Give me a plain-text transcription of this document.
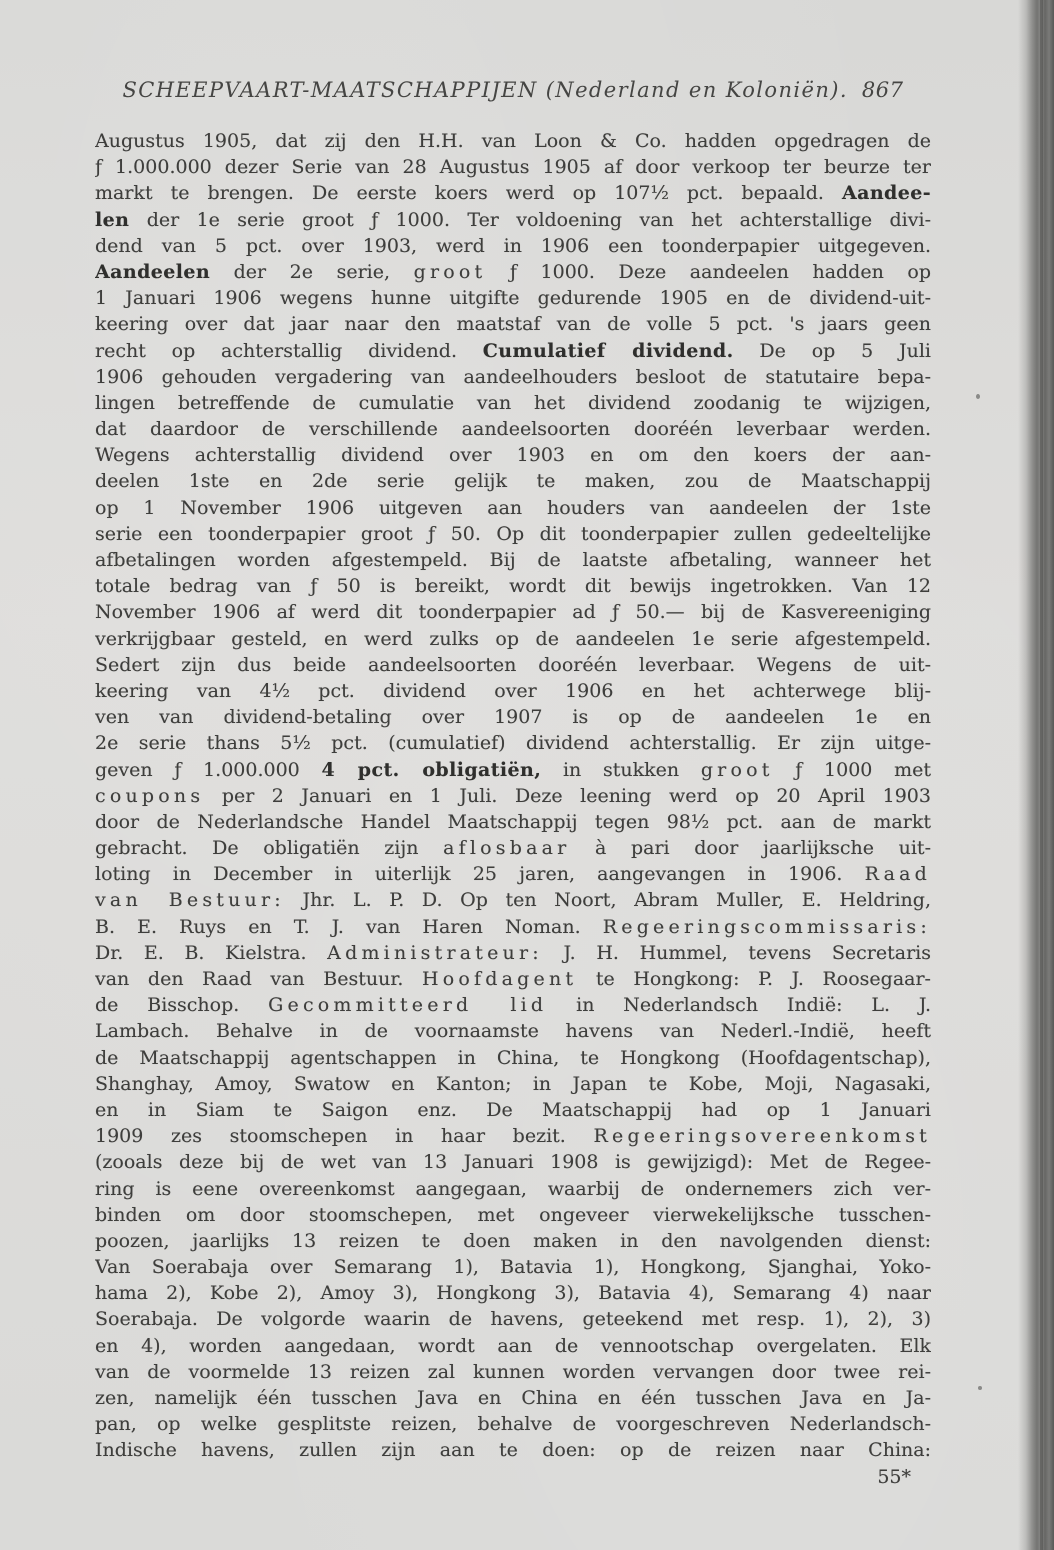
SCHEEPVAART-MAATSCHAPPIJEN (Nederland en Koloniën). 867
Augustus 1905, dat zij den H.H. van Loon & Co. hadden opgedragen de
ƒ 1.000.000 dezer Serie van 28 Augustus 1905 af door verkoop ter beurze ter
markt te brengen. De eerste koers werd op 107½ pct. bepaald. Aandee-
len der 1e serie groot ƒ 1000. Ter voldoening van het achterstallige divi-
dend van 5 pct. over 1903, werd in 1906 een toonderpapier uitgegeven.
Aandeelen der 2e serie, groot ƒ 1000. Deze aandeelen hadden op
1 Januari 1906 wegens hunne uitgifte gedurende 1905 en de dividend-uit-
keering over dat jaar naar den maatstaf van de volle 5 pct. 's jaars geen
recht op achterstallig dividend. Cumulatief dividend. De op 5 Juli
1906 gehouden vergadering van aandeelhouders besloot de statutaire bepa-
lingen betreffende de cumulatie van het dividend zoodanig te wijzigen,
dat daardoor de verschillende aandeelsoorten dooréén leverbaar werden.
Wegens achterstallig dividend over 1903 en om den koers der aan-
deelen 1ste en 2de serie gelijk te maken, zou de Maatschappij
op 1 November 1906 uitgeven aan houders van aandeelen der 1ste
serie een toonderpapier groot ƒ 50. Op dit toonderpapier zullen gedeeltelijke
afbetalingen worden afgestempeld. Bij de laatste afbetaling, wanneer het
totale bedrag van ƒ 50 is bereikt, wordt dit bewijs ingetrokken. Van 12
November 1906 af werd dit toonderpapier ad ƒ 50.— bij de Kasvereeniging
verkrijgbaar gesteld, en werd zulks op de aandeelen 1e serie afgestempeld.
Sedert zijn dus beide aandeelsoorten dooréén leverbaar. Wegens de uit-
keering van 4½ pct. dividend over 1906 en het achterwege blij-
ven van dividend-betaling over 1907 is op de aandeelen 1e en
2e serie thans 5½ pct. (cumulatief) dividend achterstallig. Er zijn uitge-
geven ƒ 1.000.000 4 pct. obligatiën, in stukken groot ƒ 1000 met
coupons per 2 Januari en 1 Juli. Deze leening werd op 20 April 1903
door de Nederlandsche Handel Maatschappij tegen 98½ pct. aan de markt
gebracht. De obligatiën zijn aflosbaar à pari door jaarlijksche uit-
loting in December in uiterlijk 25 jaren, aangevangen in 1906. Raad
van Bestuur: Jhr. L. P. D. Op ten Noort, Abram Muller, E. Heldring,
B. E. Ruys en T. J. van Haren Noman. Regeeringscommissaris:
Dr. E. B. Kielstra. Administrateur: J. H. Hummel, tevens Secretaris
van den Raad van Bestuur. Hoofdagent te Hongkong: P. J. Roosegaar-
de Bisschop. Gecommitteerd lid in Nederlandsch Indië: L. J.
Lambach. Behalve in de voornaamste havens van Nederl.-Indië, heeft
de Maatschappij agentschappen in China, te Hongkong (Hoofdagentschap),
Shanghay, Amoy, Swatow en Kanton; in Japan te Kobe, Moji, Nagasaki,
en in Siam te Saigon enz. De Maatschappij had op 1 Januari
1909 zes stoomschepen in haar bezit. Regeeringsovereenkomst
(zooals deze bij de wet van 13 Januari 1908 is gewijzigd): Met de Regee-
ring is eene overeenkomst aangegaan, waarbij de ondernemers zich ver-
binden om door stoomschepen, met ongeveer vierwekelijksche tusschen-
poozen, jaarlijks 13 reizen te doen maken in den navolgenden dienst:
Van Soerabaja over Semarang 1), Batavia 1), Hongkong, Sjanghai, Yoko-
hama 2), Kobe 2), Amoy 3), Hongkong 3), Batavia 4), Semarang 4) naar
Soerabaja. De volgorde waarin de havens, geteekend met resp. 1), 2), 3)
en 4), worden aangedaan, wordt aan de vennootschap overgelaten. Elk
van de voormelde 13 reizen zal kunnen worden vervangen door twee rei-
zen, namelijk één tusschen Java en China en één tusschen Java en Ja-
pan, op welke gesplitste reizen, behalve de voorgeschreven Nederlandsch-
Indische havens, zullen zijn aan te doen: op de reizen naar China:
55*
